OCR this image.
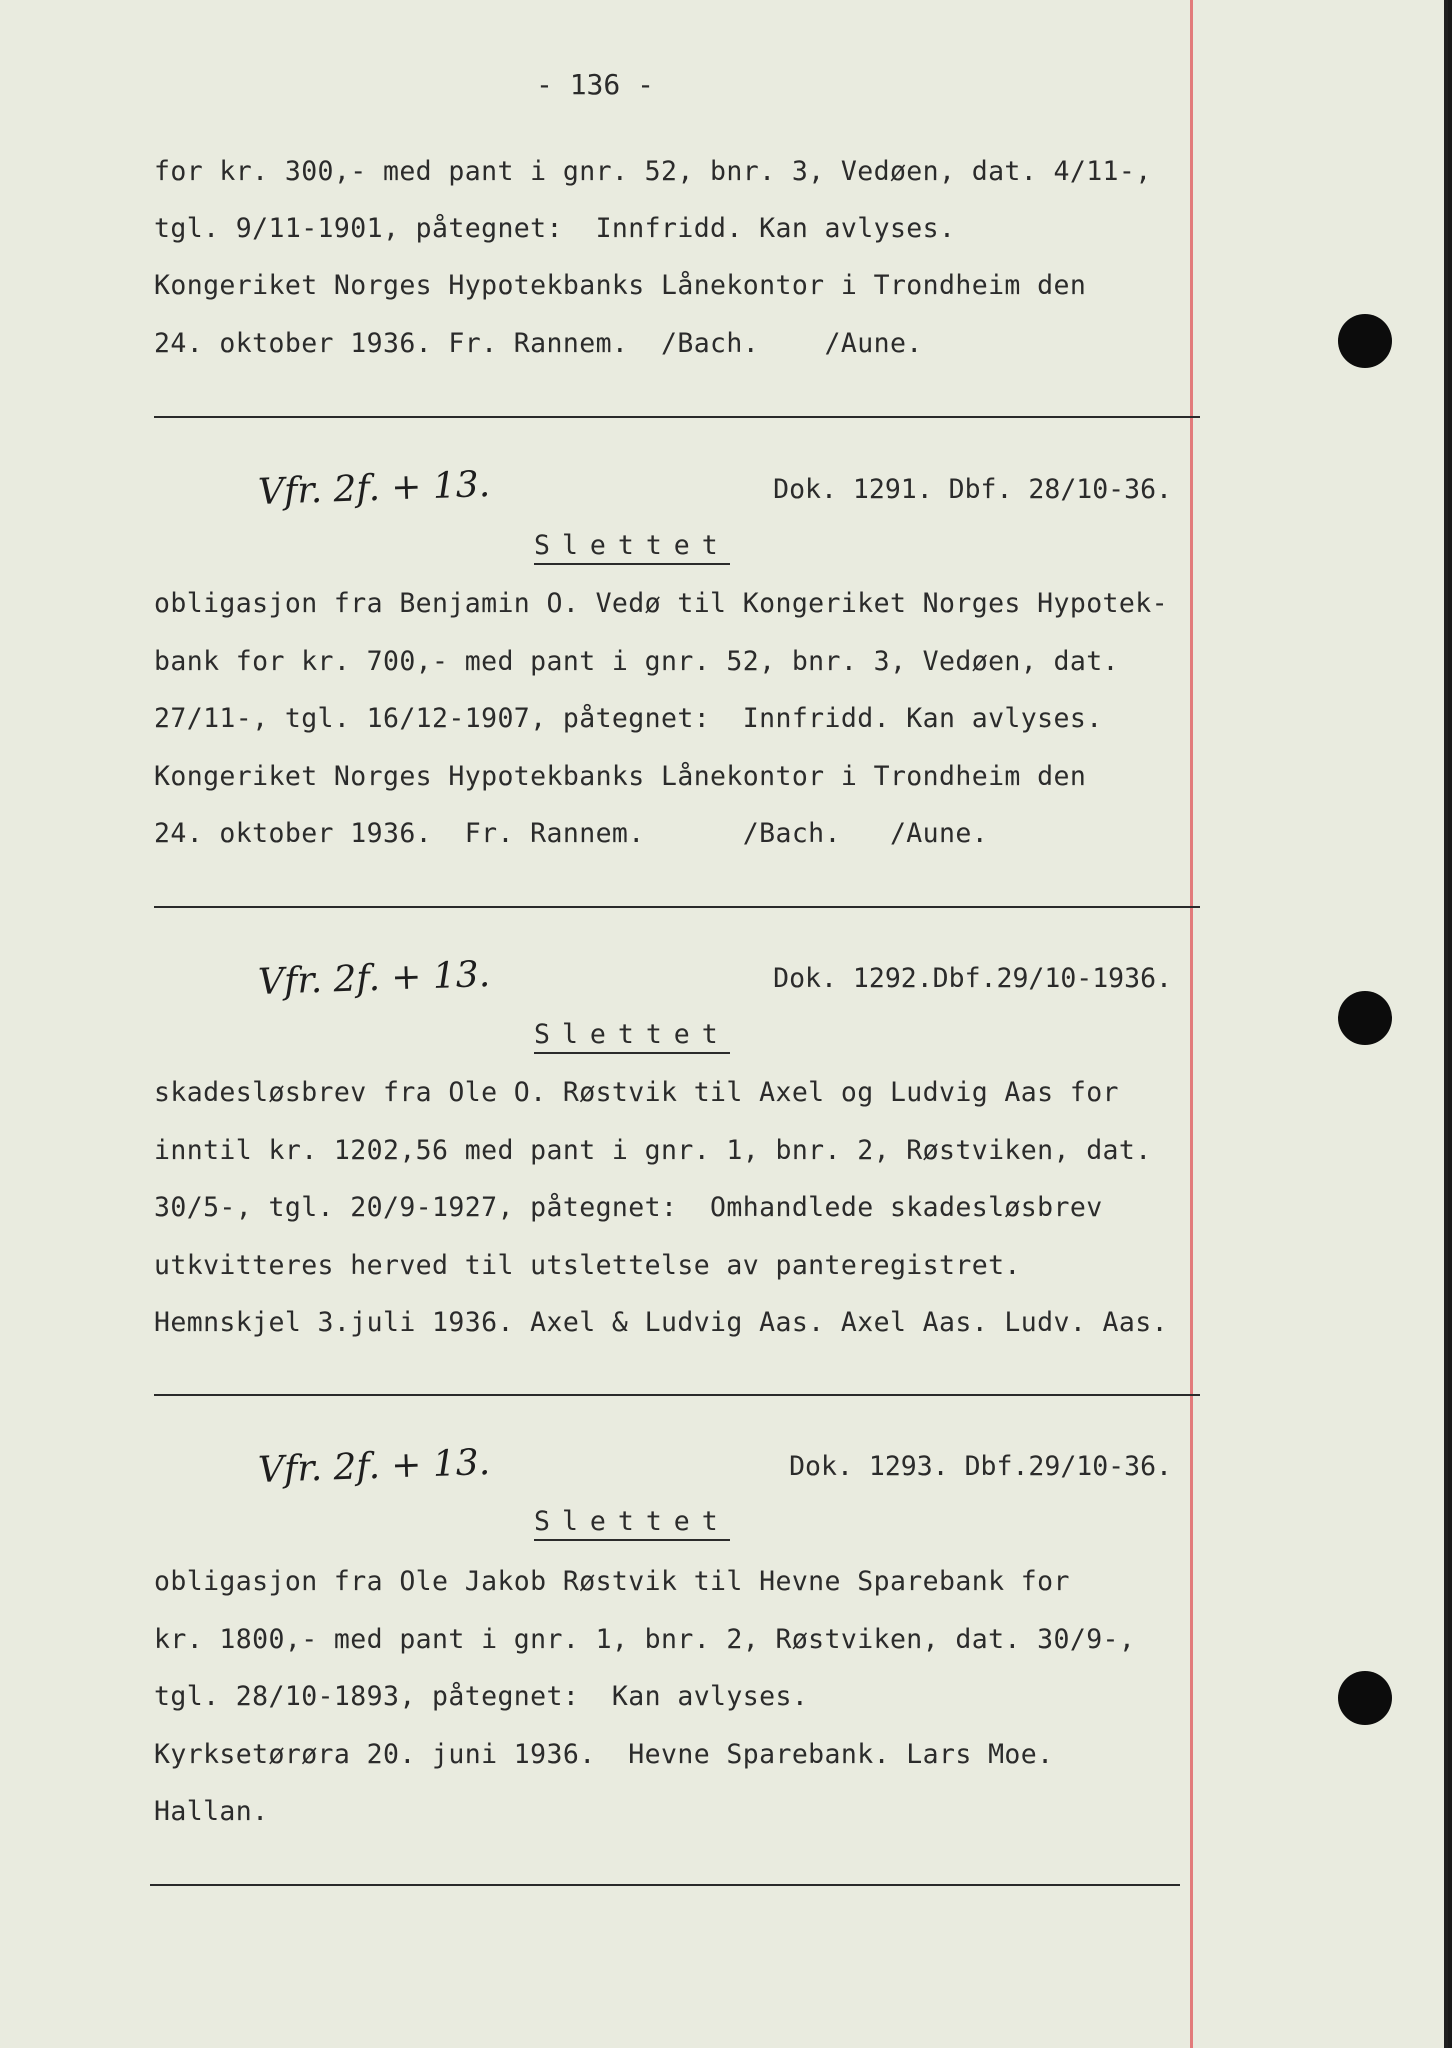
- 136 -
for kr. 300,- med pant i gnr. 52, bnr. 3, Vedøen, dat. 4/11-,
tgl. 9/11-1901, påtegnet:  Innfridd. Kan avlyses.
Kongeriket Norges Hypotekbanks Lånekontor i Trondheim den
24. oktober 1936. Fr. Rannem.  /Bach.    /Aune.
Vfr. 2f. + 13.	Dok. 1291. Dbf. 28/10-36.
Slettet
obligasjon fra Benjamin O. Vedø til Kongeriket Norges Hypotek-
bank for kr. 700,- med pant i gnr. 52, bnr. 3, Vedøen, dat.
27/11-, tgl. 16/12-1907, påtegnet:  Innfridd. Kan avlyses.
Kongeriket Norges Hypotekbanks Lånekontor i Trondheim den
24. oktober 1936.  Fr. Rannem.      /Bach.   /Aune.
Vfr. 2f. + 13.	Dok. 1292.Dbf.29/10-1936.
Slettet
skadesløsbrev fra Ole O. Røstvik til Axel og Ludvig Aas for
inntil kr. 1202,56 med pant i gnr. 1, bnr. 2, Røstviken, dat.
30/5-, tgl. 20/9-1927, påtegnet:  Omhandlede skadesløsbrev
utkvitteres herved til utslettelse av panteregistret.
Hemnskjel 3.juli 1936. Axel & Ludvig Aas. Axel Aas. Ludv. Aas.
Vfr. 2f. + 13.	Dok. 1293. Dbf.29/10-36.
Slettet
obligasjon fra Ole Jakob Røstvik til Hevne Sparebank for
kr. 1800,- med pant i gnr. 1, bnr. 2, Røstviken, dat. 30/9-,
tgl. 28/10-1893, påtegnet:  Kan avlyses.
Kyrksetørøra 20. juni 1936.  Hevne Sparebank. Lars Moe.
Hallan.
